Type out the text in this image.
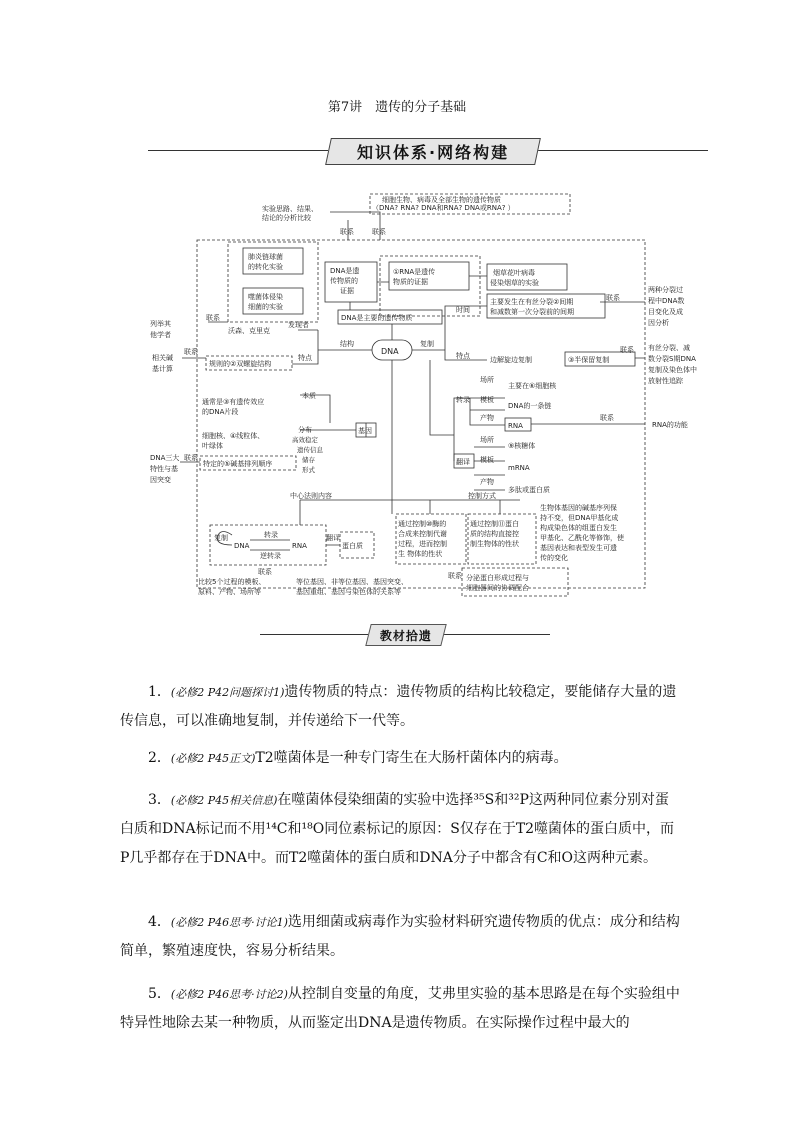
第7讲　遗传的分子基础
知识体系·网络构建
细胞生物、病毒及全部生物的遗传物质
（DNA? RNA? DNA和RNA? DNA或RNA? ）
实验思路、结果、
结论的分析比较
联系	联系
肺炎链球菌
的转化实验
噬菌体侵染
细菌的实验
DNA是遗
传物质的
证据
①RNA是遗传
物质的证据
烟草花叶病毒
侵染烟草的实验
主要发生在有丝分裂②间期
和减数第一次分裂前的间期
时间
联系
两种分裂过
程中DNA数
目变化及成
因分析
DNA是主要的遗传物质
列举其
他学者
联系
沃森、克里克
发现者
结构	复制
DNA
相关碱
基计算
联系
规则的②双螺旋结构
特点	特点	边解旋边复制	③半保留复制
联系 有丝分裂、减
数分裂S期DNA
复制及染色体中
放射性追踪
本质
通常是③有遗传效应
的DNA片段
基因
分布
细胞核、④线粒体、
叶绿体
高效稳定
遗传信息
储存
形式
特定的⑤碱基排列顺序
DNA三大
特性与基
因突变
联系
转录
翻译
场所
模板
产物
主要在⑥细胞核
DNA的一条链
RNA
联系
RNA的功能
场所
模板
产物
⑨核糖体
mRNA
多肽或蛋白质
中心法则内容	控制方式
复制
DNA
转录
逆转录
RNA
翻译
蛋白质
通过控制⑩酶的
合成来控制代谢
过程，进而控制
生 物体的性状
通过控制⑪蛋白
质的结构直接控
制生物体的性状
生物体基因的碱基序列保
持不变，但DNA甲基化成
构成染色体的组蛋白发生
甲基化、乙酰化等修饰，使
基因表达和表型发生可遗
传的变化
联系	联系
比较5个过程的模板、
原料、产物、场所等
等位基因、非等位基因、基因突变、
基因重组、基因与染色体的关系等
分泌蛋白形成过程与
细胞器间的协调配合
教材拾遗
1．(必修2 P42问题探讨1)遗传物质的特点：遗传物质的结构比较稳定，要能储存大量的遗传信息，可以准确地复制，并传递给下一代等。
2．(必修2 P45正文)T2噬菌体是一种专门寄生在大肠杆菌体内的病毒。
3．(必修2 P45相关信息)在噬菌体侵染细菌的实验中选择³⁵S和³²P这两种同位素分别对蛋白质和DNA标记而不用¹⁴C和¹⁸O同位素标记的原因：S仅存在于T2噬菌体的蛋白质中，而P几乎都存在于DNA中。而T2噬菌体的蛋白质和DNA分子中都含有C和O这两种元素。
4．(必修2 P46思考·讨论1)选用细菌或病毒作为实验材料研究遗传物质的优点：成分和结构简单，繁殖速度快，容易分析结果。
5．(必修2 P46思考·讨论2)从控制自变量的角度，艾弗里实验的基本思路是在每个实验组中特异性地除去某一种物质，从而鉴定出DNA是遗传物质。在实际操作过程中最大的
